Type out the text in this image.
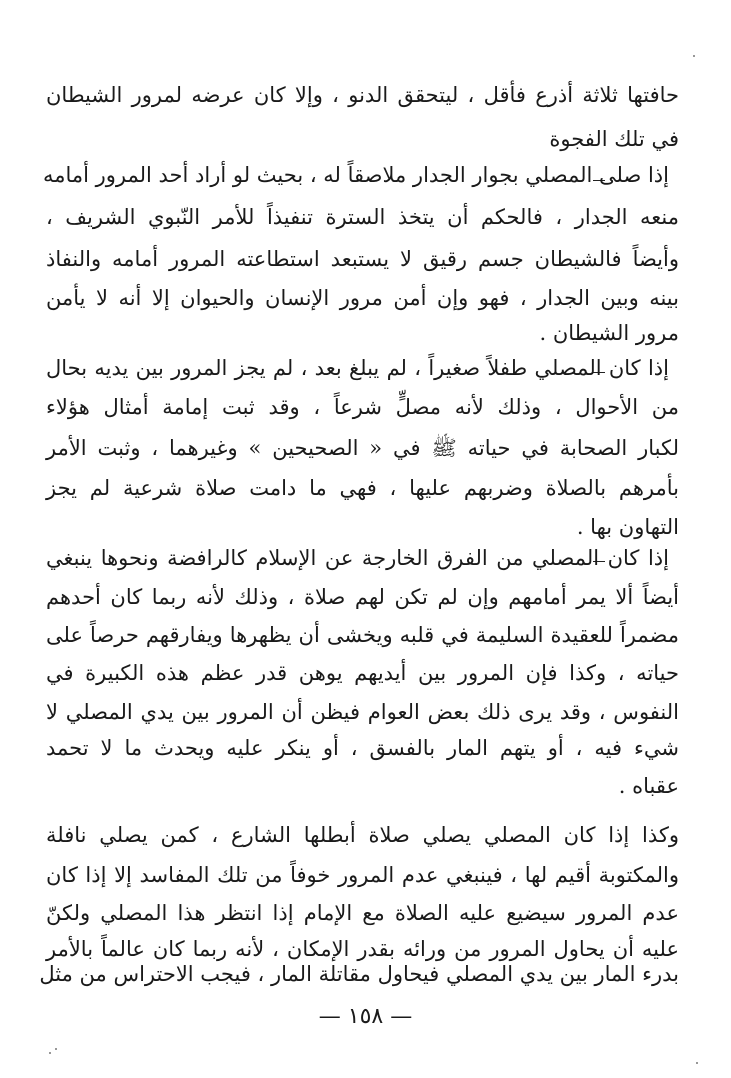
حافتها ثلاثة أذرع فأقل ، ليتحقق الدنو ، وإلا كان عرضه لمرور الشيطان

في تلك الفجوة

إذا صلى المصلي بجوار الجدار ملاصقاً له ، بحيث لو أراد أحد المرور أمامه

منعه الجدار ، فالحكم أن يتخذ السترة تنفيذاً للأمر النّبوي الشريف ،

وأيضاً فالشيطان جسم رقيق لا يستبعد استطاعته المرور أمامه والنفاذ

بينه وبين الجدار ، فهو وإن أمن مرور الإنسان والحيوان إلا أنه لا يأمن

مرور الشيطان .

إذا كان المصلي طفلاً صغيراً ، لم يبلغ بعد ، لم يجز المرور بين يديه بحال

من الأحوال ، وذلك لأنه مصلٍّ شرعاً ، وقد ثبت إمامة أمثال هؤلاء

لكبار الصحابة في حياته ﷺ في « الصحيحين » وغيرهما ، وثبت الأمر

بأمرهم بالصلاة وضربهم عليها ، فهي ما دامت صلاة شرعية لم يجز

التهاون بها .

إذا كان المصلي من الفرق الخارجة عن الإسلام كالرافضة ونحوها ينبغي

أيضاً ألا يمر أمامهم وإن لم تكن لهم صلاة ، وذلك لأنه ربما كان أحدهم

مضمراً للعقيدة السليمة في قلبه ويخشى أن يظهرها ويفارقهم حرصاً على

حياته ، وكذا فإن المرور بين أيديهم يوهن قدر عظم هذه الكبيرة في

النفوس ، وقد يرى ذلك بعض العوام فيظن أن المرور بين يدي المصلي لا

شيء فيه ، أو يتهم المار بالفسق ، أو ينكر عليه ويحدث ما لا تحمد

عقباه .

وكذا إذا كان المصلي يصلي صلاة أبطلها الشارع ، كمن يصلي نافلة

والمكتوبة أقيم لها ، فينبغي عدم المرور خوفاً من تلك المفاسد إلا إذا كان

عدم المرور سيضيع عليه الصلاة مع الإمام إذا انتظر هذا المصلي ولكنّ

عليه أن يحاول المرور من ورائه بقدر الإمكان ، لأنه ربما كان عالماً بالأمر

بدرء المار بين يدي المصلي فيحاول مقاتلة المار ، فيجب الاحتراس من مثل

— ١٥٨ —
